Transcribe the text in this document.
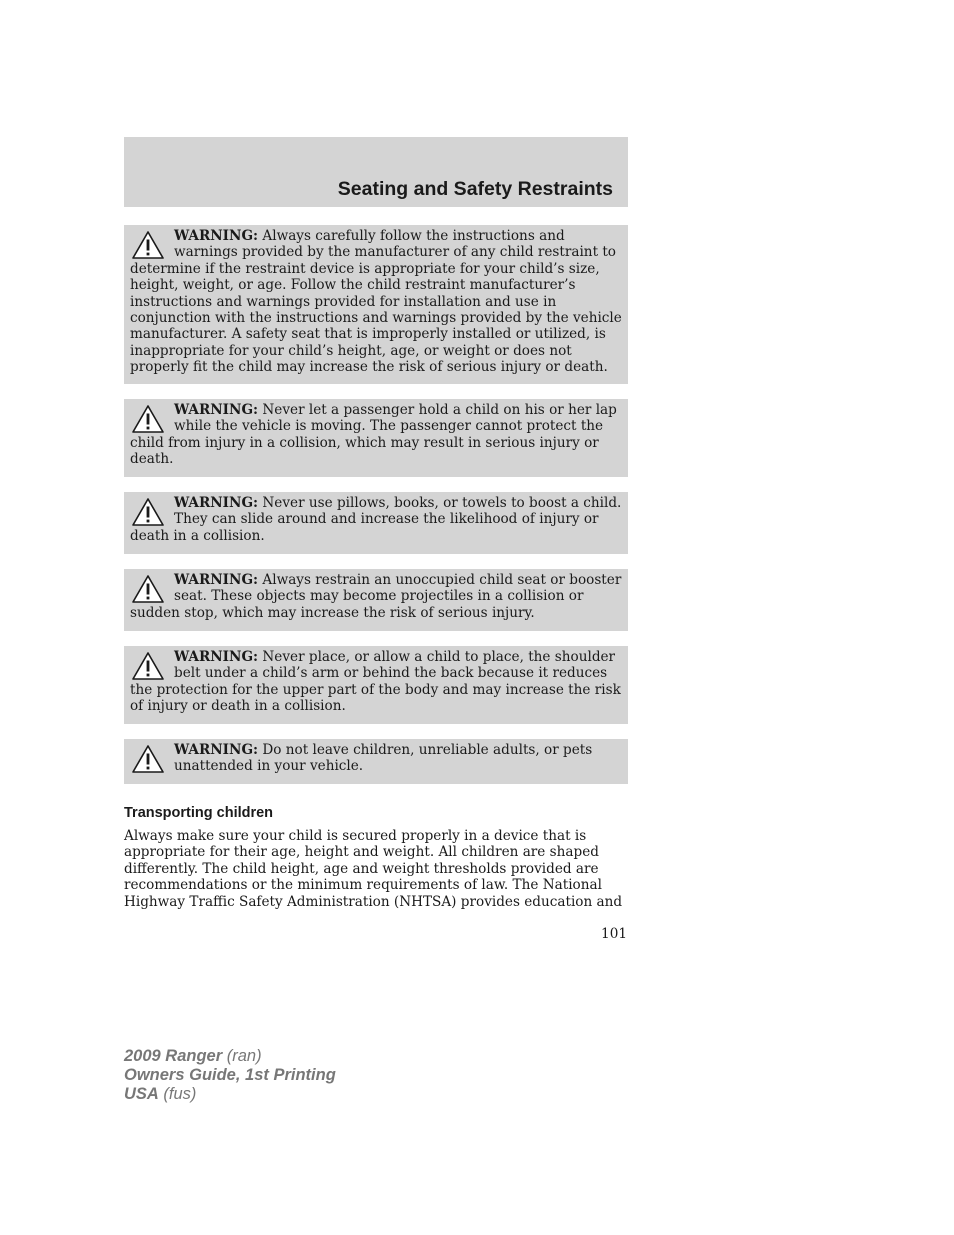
Seating and Safety Restraints
WARNING: Always carefully follow the instructions and warnings provided by the manufacturer of any child restraint to determine if the restraint device is appropriate for your child’s size, height, weight, or age. Follow the child restraint manufacturer’s instructions and warnings provided for installation and use in conjunction with the instructions and warnings provided by the vehicle manufacturer. A safety seat that is improperly installed or utilized, is inappropriate for your child’s height, age, or weight or does not properly fit the child may increase the risk of serious injury or death.
WARNING: Never let a passenger hold a child on his or her lap while the vehicle is moving. The passenger cannot protect the child from injury in a collision, which may result in serious injury or death.
WARNING: Never use pillows, books, or towels to boost a child. They can slide around and increase the likelihood of injury or death in a collision.
WARNING: Always restrain an unoccupied child seat or booster seat. These objects may become projectiles in a collision or sudden stop, which may increase the risk of serious injury.
WARNING: Never place, or allow a child to place, the shoulder belt under a child’s arm or behind the back because it reduces the protection for the upper part of the body and may increase the risk of injury or death in a collision.
WARNING: Do not leave children, unreliable adults, or pets unattended in your vehicle.
Transporting children

Always make sure your child is secured properly in a device that is appropriate for their age, height and weight. All children are shaped differently. The child height, age and weight thresholds provided are recommendations or the minimum requirements of law. The National Highway Traffic Safety Administration (NHTSA) provides education and

101
2009 Ranger (ran)
Owners Guide, 1st Printing
USA (fus)
